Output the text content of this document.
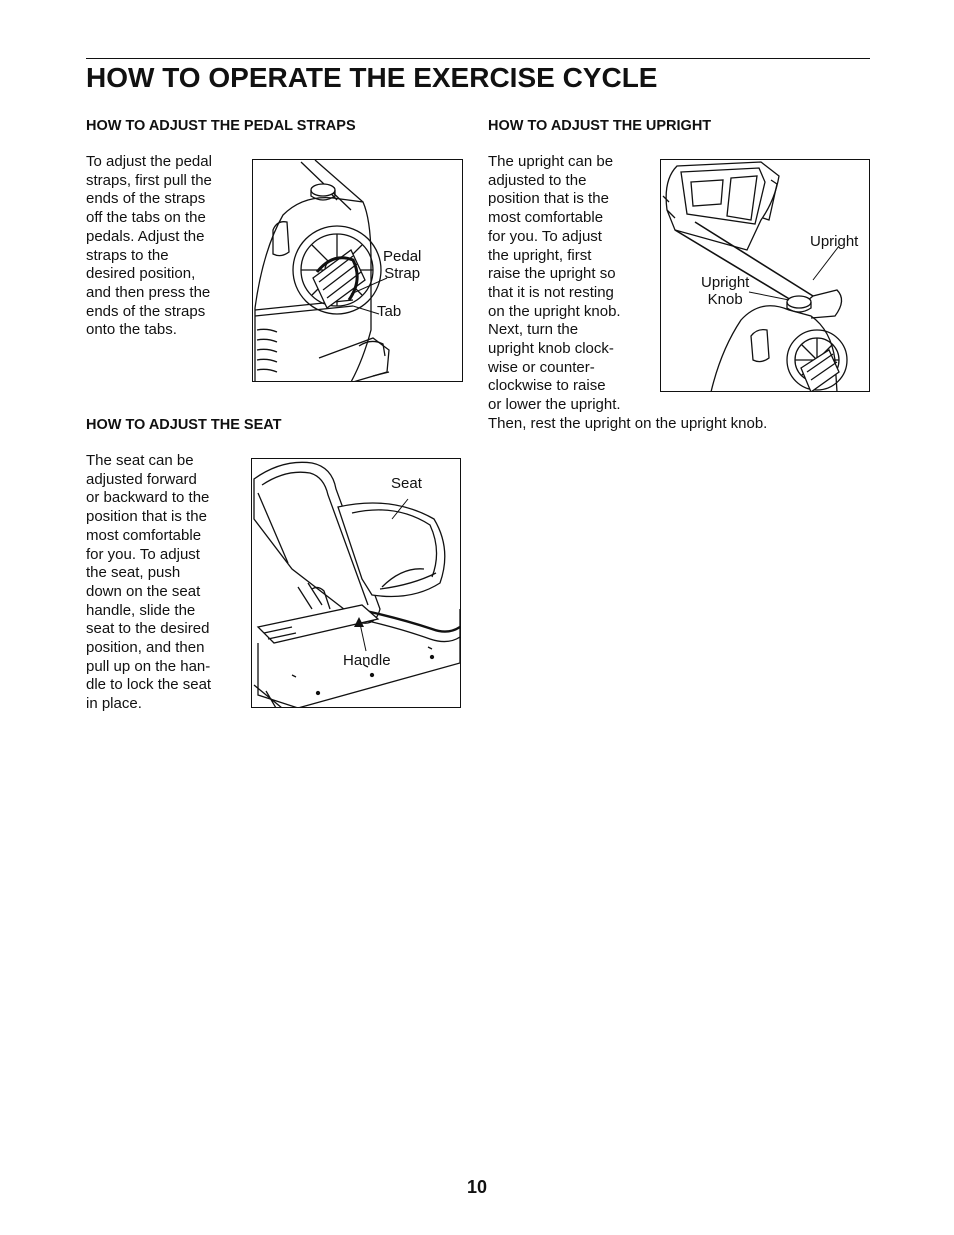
HOW TO OPERATE THE EXERCISE CYCLE
HOW TO ADJUST THE PEDAL STRAPS
To adjust the pedal
straps, first pull the
ends of the straps
off the tabs on the
pedals. Adjust the
straps to the
desired position,
and then press the
ends of the straps
onto the tabs.
Pedal
Strap
Tab
HOW TO ADJUST THE SEAT
The seat can be
adjusted forward
or backward to the
position that is the
most comfortable
for you. To adjust
the seat, push
down on the seat
handle, slide the
seat to the desired
position, and then
pull up on the han-
dle to lock the seat
in place.
Seat
Handle
HOW TO ADJUST THE UPRIGHT
The upright can be
adjusted to the
position that is the
most comfortable
for you. To adjust
the upright, first
raise the upright so
that it is not resting
on the upright knob.
Next, turn the
upright knob clock-
wise or counter-
clockwise to raise
or lower the upright.
Then, rest the upright on the upright knob.
Upright
Upright
Knob
10
